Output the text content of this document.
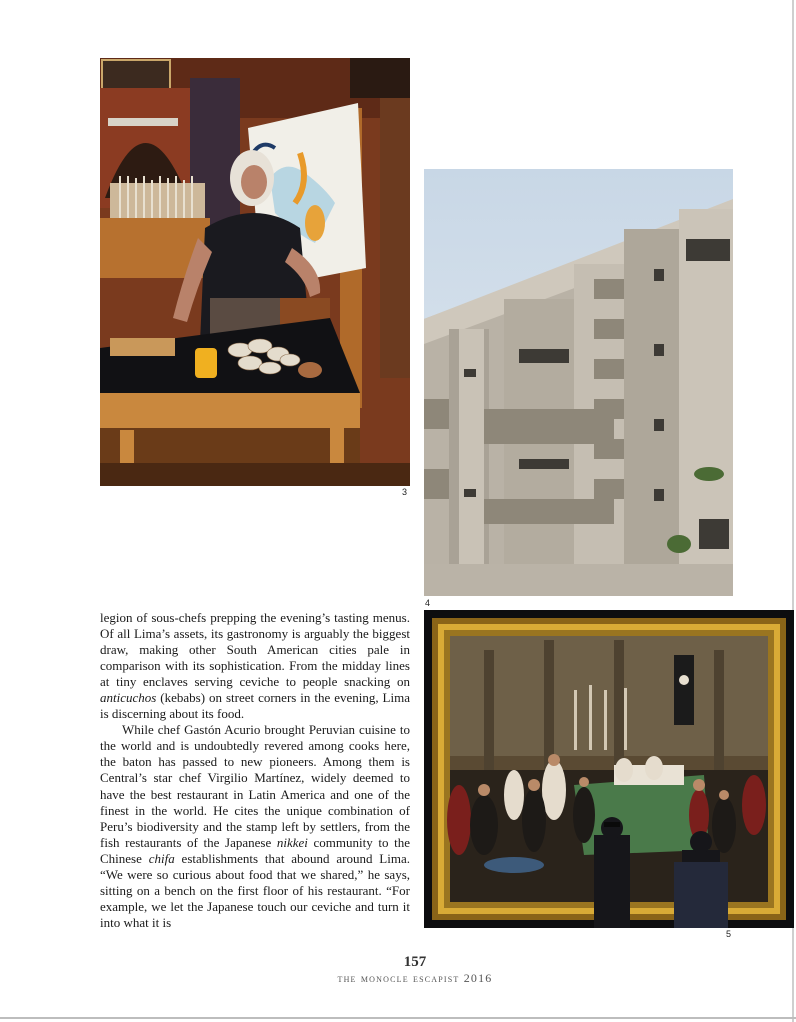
3
4
5

legion of sous-chefs prepping the evening’s tasting menus. Of all Lima’s assets, its gastronomy is arguably the biggest draw, making other South American cities pale in comparison with its sophistication. From the midday lines at tiny enclaves serving ceviche to people snacking on anticuchos (kebabs) on street corners in the evening, Lima is discerning about its food.

While chef Gastón Acurio brought Peruvian cuisine to the world and is undoubtedly revered among cooks here, the baton has passed to new pioneers. Among them is Central’s star chef Virgilio Martínez, widely deemed to have the best restaurant in Latin America and one of the finest in the world. He cites the unique combination of Peru’s biodiversity and the stamp left by settlers, from the fish restaurants of the Japanese nikkei community to the Chinese chifa establishments that abound around Lima. “We were so curious about food that we shared,” he says, sitting on a bench on the first floor of his restaurant. “For example, we let the Japanese touch our ceviche and turn it into what it is

157
the monocle escapist 2016
